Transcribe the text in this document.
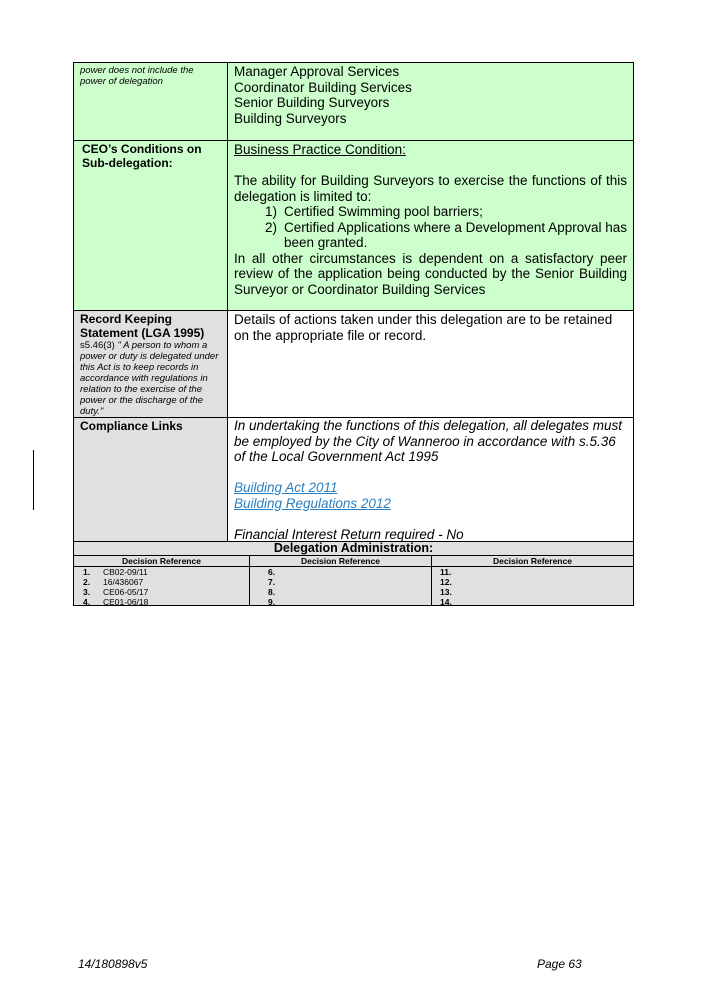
power does not include the power of delegation
Manager Approval Services
Coordinator Building Services
Senior Building Surveyors
Building Surveyors
CEO’s Conditions on Sub-delegation:
Business Practice Condition:
The ability for Building Surveyors to exercise the functions of this delegation is limited to:
1) Certified Swimming pool barriers;
2) Certified Applications where a Development Approval has been granted.
In all other circumstances is dependent on a satisfactory peer review of the application being conducted by the Senior Building Surveyor or Coordinator Building Services
Record Keeping Statement (LGA 1995)
s5.46(3) " A person to whom a power or duty is delegated under this Act is to keep records in accordance with regulations in relation to the exercise of the power or the discharge of the duty."
Details of actions taken under this delegation are to be retained on the appropriate file or record.
Compliance Links	In undertaking the functions of this delegation, all delegates must be employed by the City of Wanneroo in accordance with s.5.36 of the Local Government Act 1995
Building Act 2011
Building Regulations 2012
Financial Interest Return required - No
Delegation Administration:
Decision Reference
1. CB02-09/11
2. 16/436067
3. CE06-05/17
4. CE01-06/18
Decision Reference
6.
7.
8.
9.
Decision Reference
11.
12.
13.
14.
14/180898v5	Page 63
